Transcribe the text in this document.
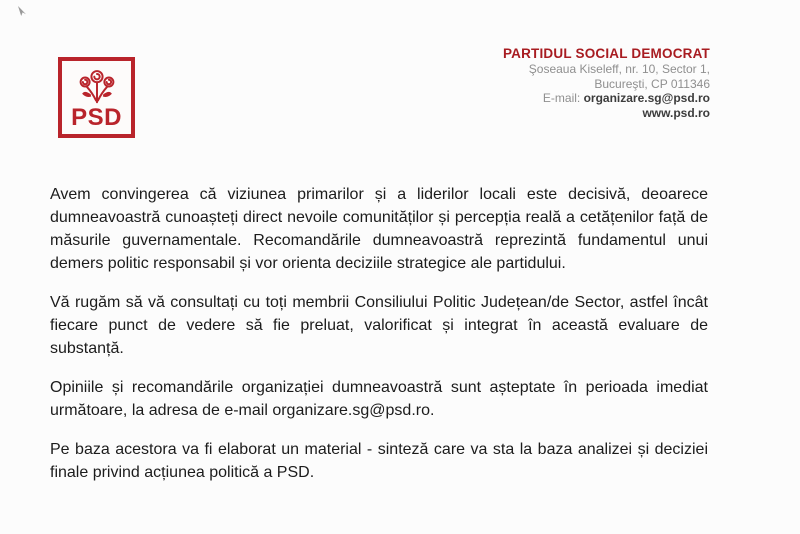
PSD
PARTIDUL SOCIAL DEMOCRAT
Şoseaua Kiseleff, nr. 10, Sector 1,
Bucureşti, CP 011346
E-mail: organizare.sg@psd.ro
www.psd.ro

Avem convingerea că viziunea primarilor și a liderilor locali este decisivă, deoarece dumneavoastră cunoașteți direct nevoile comunităților și percepția reală a cetățenilor față de măsurile guvernamentale. Recomandările dumneavoastră reprezintă fundamentul unui demers politic responsabil și vor orienta deciziile strategice ale partidului.

Vă rugăm să vă consultați cu toți membrii Consiliului Politic Județean/de Sector, astfel încât fiecare punct de vedere să fie preluat, valorificat și integrat în această evaluare de substanță.

Opiniile și recomandările organizației dumneavoastră sunt așteptate în perioada imediat următoare, la adresa de e-mail organizare.sg@psd.ro.

Pe baza acestora va fi elaborat un material - sinteză care va sta la baza analizei și deciziei finale privind acțiunea politică a PSD.
